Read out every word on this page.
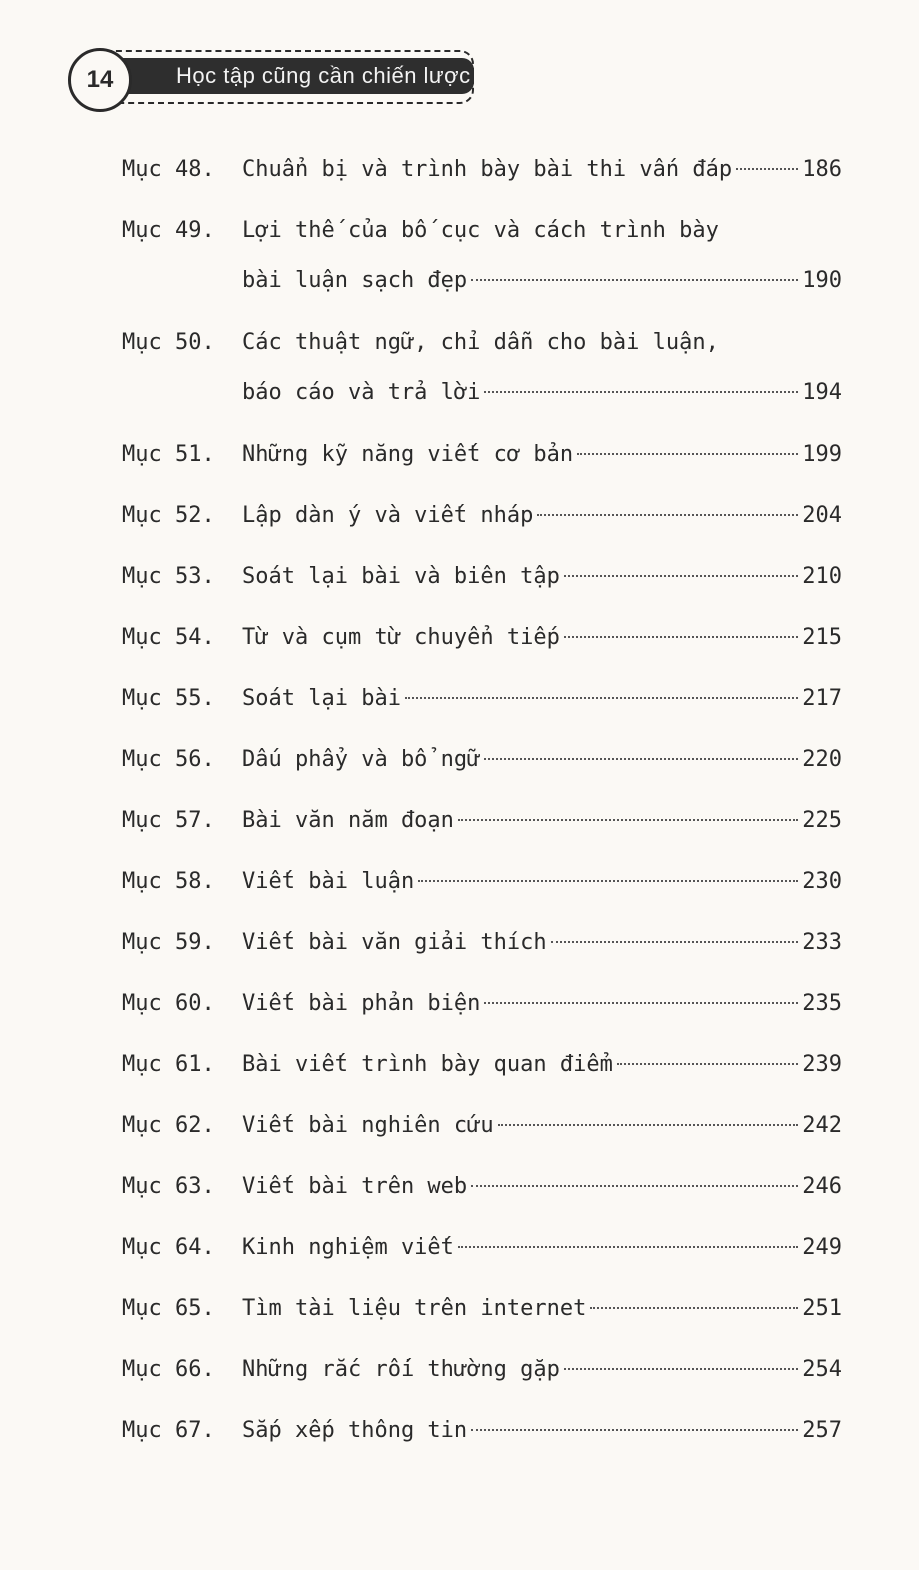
Học tập cũng cần chiến lược
14
Mục 48.	Chuẩn bị và trình bày bài thi vấn đáp	186
Mục 49.	Lợi thế của bố cục và cách trình bày
bài luận sạch đẹp	190
Mục 50.	Các thuật ngữ, chỉ dẫn cho bài luận,
báo cáo và trả lời	194
Mục 51.	Những kỹ năng viết cơ bản	199
Mục 52.	Lập dàn ý và viết nháp	204
Mục 53.	Soát lại bài và biên tập	210
Mục 54.	Từ và cụm từ chuyển tiếp	215
Mục 55.	Soát lại bài	217
Mục 56.	Dấu phẩy và bổ ngữ	220
Mục 57.	Bài văn năm đoạn	225
Mục 58.	Viết bài luận	230
Mục 59.	Viết bài văn giải thích	233
Mục 60.	Viết bài phản biện	235
Mục 61.	Bài viết trình bày quan điểm	239
Mục 62.	Viết bài nghiên cứu	242
Mục 63.	Viết bài trên web	246
Mục 64.	Kinh nghiệm viết	249
Mục 65.	Tìm tài liệu trên internet	251
Mục 66.	Những rắc rối thường gặp	254
Mục 67.	Sắp xếp thông tin	257
